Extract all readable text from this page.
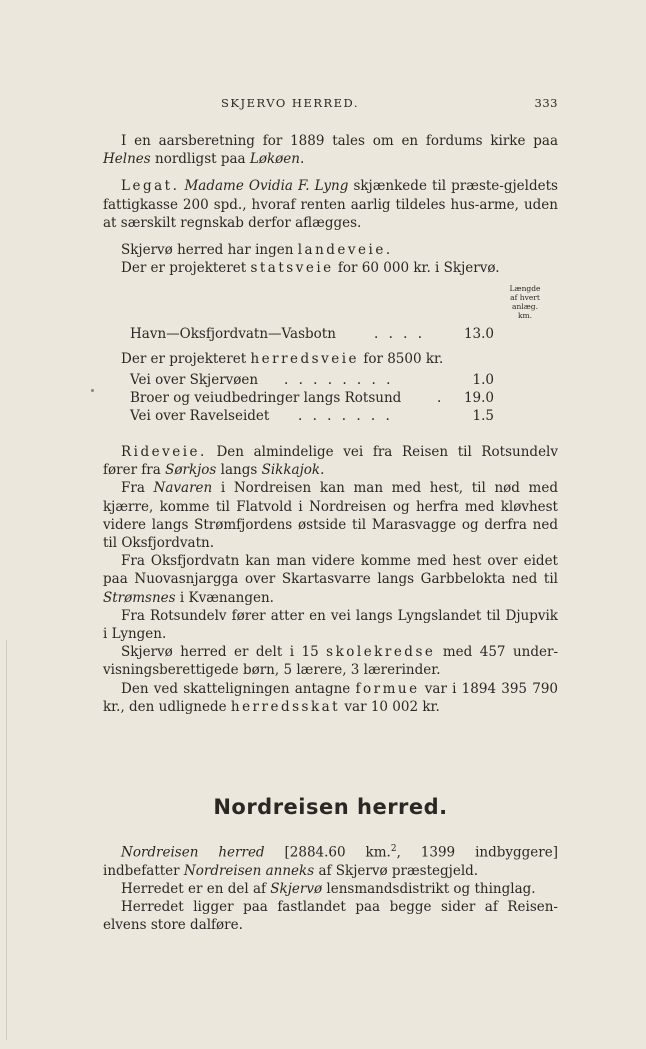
SKJERVO HERRED.	333

I en aarsberetning for 1889 tales om en fordums kirke paa Helnes nordligst paa Løkøen.

Legat. Madame Ovidia F. Lyng skjænkede til præste-gjeldets fattigkasse 200 spd., hvoraf renten aarlig tildeles hus-arme, uden at særskilt regnskab derfor aflægges.

Skjervø herred har ingen landeveie.

Der er projekteret statsveie for 60 000 kr. i Skjervø.

Længde
af hvert
anlæg.
km.
Havn—Oksfjordvatn—Vasbotn	. . . .	13.0

Der er projekteret herredsveie for 8500 kr.

Vei over Skjervøen . . . . . . . .	1.0
Broer og veiudbedringer langs Rotsund	. 19.0
Vei over Ravelseidet . . . . . . .	1.5

Rideveie. Den almindelige vei fra Reisen til Rotsundelv fører fra Sørkjos langs Sikkajok.

Fra Navaren i Nordreisen kan man med hest, til nød med kjærre, komme til Flatvold i Nordreisen og herfra med kløvhest videre langs Strømfjordens østside til Marasvagge og derfra ned til Oksfjordvatn.

Fra Oksfjordvatn kan man videre komme med hest over eidet paa Nuovasnjargga over Skartasvarre langs Garbbelokta ned til Strømsnes i Kvænangen.

Fra Rotsundelv fører atter en vei langs Lyngslandet til Djupvik i Lyngen.

Skjervø herred er delt i 15 skolekredse med 457 under-visningsberettigede børn, 5 lærere, 3 lærerinder.

Den ved skatteligningen antagne formue var i 1894 395 790 kr., den udlignede herredsskat var 10 002 kr.

Nordreisen herred.

Nordreisen herred [2884.60 km.$^2$, 1399 indbyggere] indbefatter Nordreisen anneks af Skjervø præstegjeld.

Herredet er en del af Skjervø lensmandsdistrikt og thinglag.

Herredet ligger paa fastlandet paa begge sider af Reisen-elvens store dalføre.
